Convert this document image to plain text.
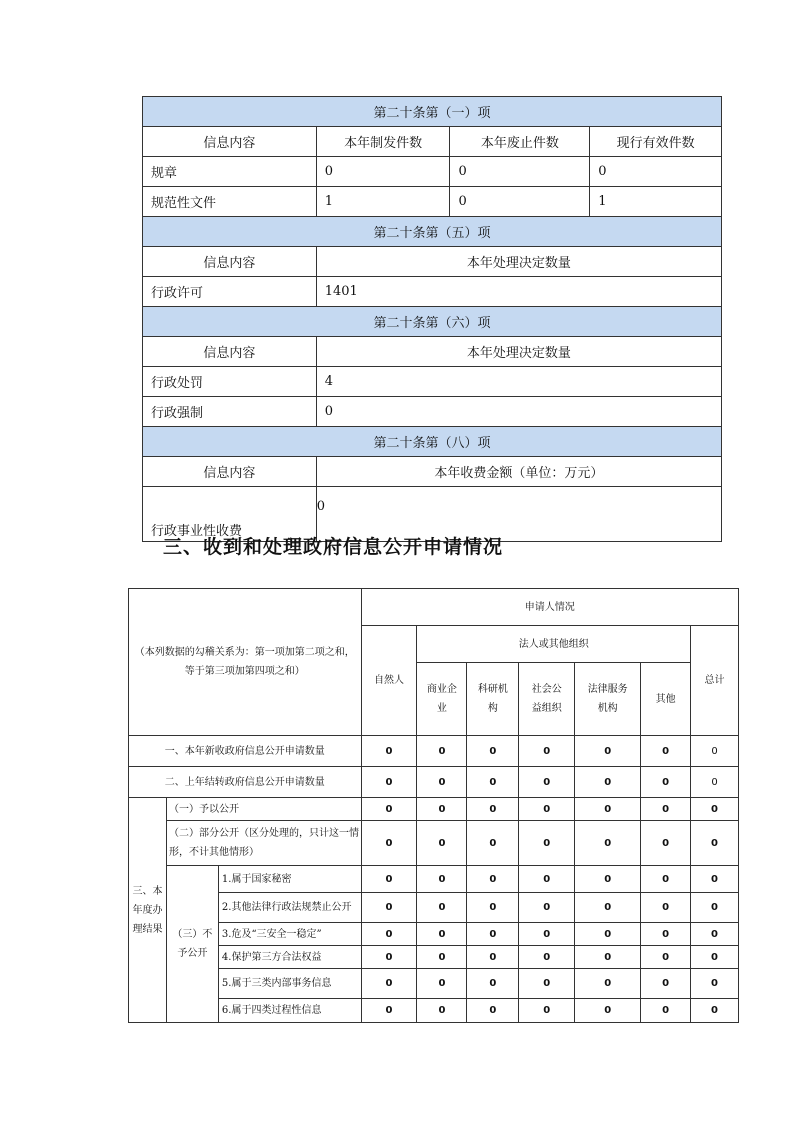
第二十条第（一）项			
信息内容	本年制发件数	本年废止件数	现行有效件数
规章	0	0	0
规范性文件	1	0	1
第二十条第（五）项			
信息内容	本年处理决定数量		
行政许可	1401		
第二十条第（六）项			
信息内容	本年处理决定数量		
行政处罚	4		
行政强制	0		
第二十条第（八）项			
信息内容	本年收费金额（单位：万元）		
行政事业性收费	0		
三、收到和处理政府信息公开申请情况
（本列数据的勾稽关系为：第一项加第二项之和，等于第三项加第四项之和）			申请人情况						
			自然人	法人或其他组织					总计
				商业企业	科研机构	社会公益组织	法律服务机构	其他	
一、本年新收政府信息公开申请数量			0	0	0	0	0	0	0
二、上年结转政府信息公开申请数量			0	0	0	0	0	0	0
三、本年度办理结果	（一）予以公开		0	0	0	0	0	0	0
	（二）部分公开（区分处理的，只计这一情形，不计其他情形）		0	0	0	0	0	0	0
	（三）不予公开	1.属于国家秘密	0	0	0	0	0	0	0
		2.其他法律行政法规禁止公开	0	0	0	0	0	0	0
		3.危及“三安全一稳定”	0	0	0	0	0	0	0
		4.保护第三方合法权益	0	0	0	0	0	0	0
		5.属于三类内部事务信息	0	0	0	0	0	0	0
		6.属于四类过程性信息	0	0	0	0	0	0	0
